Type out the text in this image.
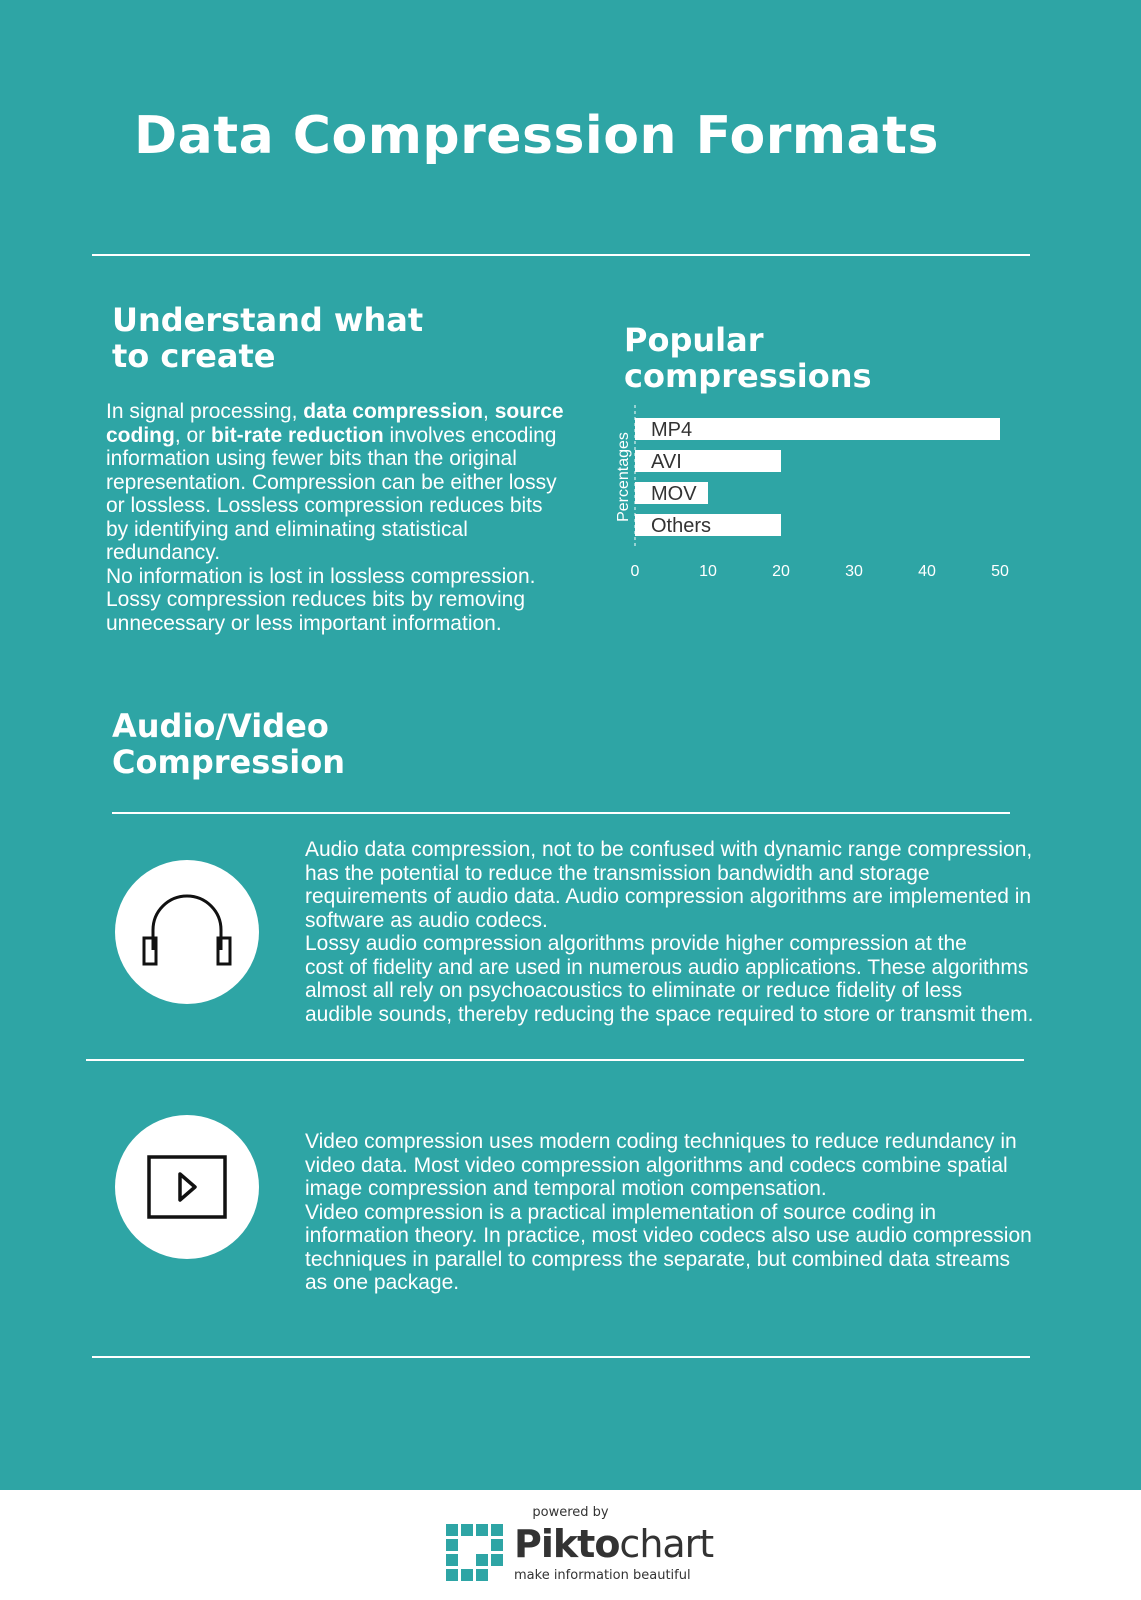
Data Compression Formats
Understand what
to create
In signal processing, data compression, source coding, or bit-rate reduction involves encoding information using fewer bits than the original representation. Compression can be either lossy or lossless. Lossless compression reduces bits by identifying and eliminating statistical redundancy.
No information is lost in lossless compression. Lossy compression reduces bits by removing unnecessary or less important information.
Popular
compressions
Percentages
MP4
AVI
MOV
Others
0	10	20	30	40	50
Audio/Video
Compression
Audio data compression, not to be confused with dynamic range compression, has the potential to reduce the transmission bandwidth and storage requirements of audio data. Audio compression algorithms are implemented in software as audio codecs.
Lossy audio compression algorithms provide higher compression at the
cost of fidelity and are used in numerous audio applications. These algorithms almost all rely on psychoacoustics to eliminate or reduce fidelity of less audible sounds, thereby reducing the space required to store or transmit them.
Video compression uses modern coding techniques to reduce redundancy in video data. Most video compression algorithms and codecs combine spatial image compression and temporal motion compensation.
Video compression is a practical implementation of source coding in information theory. In practice, most video codecs also use audio compression techniques in parallel to compress the separate, but combined data streams as one package.
powered by
Piktochart
make information beautiful
